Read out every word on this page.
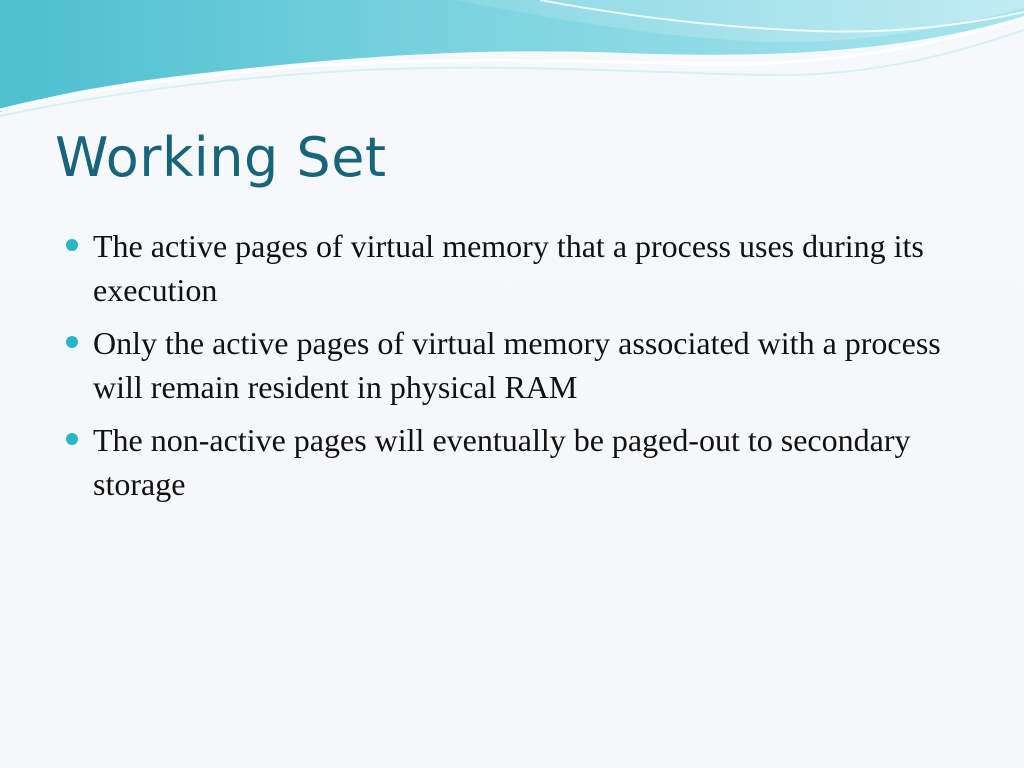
Working Set
The active pages of virtual memory that a process uses during its execution
Only the active pages of virtual memory associated with a process will remain resident in physical RAM
The non-active pages will eventually be paged-out to secondary storage
